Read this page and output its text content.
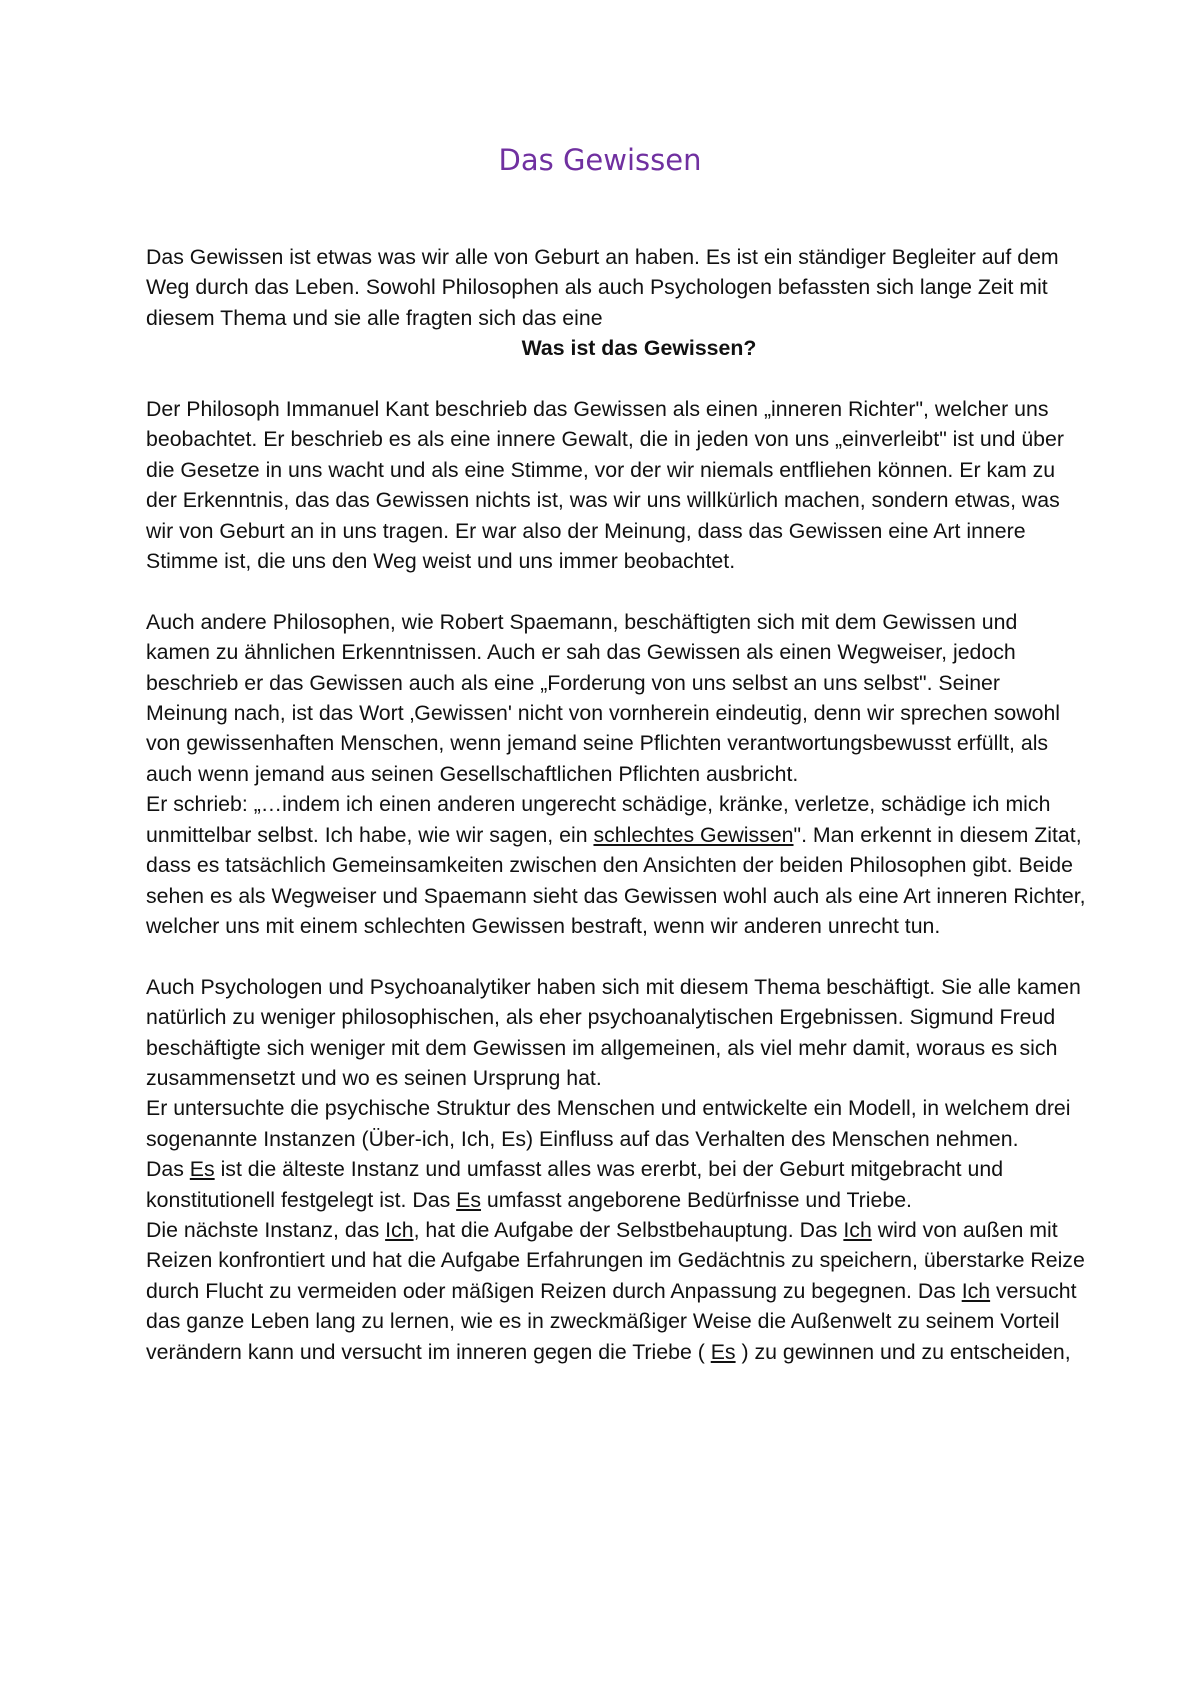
Das Gewissen

Das Gewissen ist etwas was wir alle von Geburt an haben. Es ist ein ständiger Begleiter auf dem Weg durch das Leben. Sowohl Philosophen als auch Psychologen befassten sich lange Zeit mit diesem Thema und sie alle fragten sich das eine

Was ist das Gewissen?

Der Philosoph Immanuel Kant beschrieb das Gewissen als einen „inneren Richter", welcher uns beobachtet. Er beschrieb es als eine innere Gewalt, die in jeden von uns „einverleibt" ist und über die Gesetze in uns wacht und als eine Stimme, vor der wir niemals entfliehen können. Er kam zu der Erkenntnis, das das Gewissen nichts ist, was wir uns willkürlich machen, sondern etwas, was wir von Geburt an in uns tragen. Er war also der Meinung, dass das Gewissen eine Art innere Stimme ist, die uns den Weg weist und uns immer beobachtet.

Auch andere Philosophen, wie Robert Spaemann, beschäftigten sich mit dem Gewissen und kamen zu ähnlichen Erkenntnissen. Auch er sah das Gewissen als einen Wegweiser, jedoch beschrieb er das Gewissen auch als eine „Forderung von uns selbst an uns selbst". Seiner Meinung nach, ist das Wort ‚Gewissen' nicht von vornherein eindeutig, denn wir sprechen sowohl von gewissenhaften Menschen, wenn jemand seine Pflichten verantwortungsbewusst erfüllt, als auch wenn jemand aus seinen Gesellschaftlichen Pflichten ausbricht.

Er schrieb: „…indem ich einen anderen ungerecht schädige, kränke, verletze, schädige ich mich unmittelbar selbst. Ich habe, wie wir sagen, ein schlechtes Gewissen". Man erkennt in diesem Zitat, dass es tatsächlich Gemeinsamkeiten zwischen den Ansichten der beiden Philosophen gibt. Beide sehen es als Wegweiser und Spaemann sieht das Gewissen wohl auch als eine Art inneren Richter, welcher uns mit einem schlechten Gewissen bestraft, wenn wir anderen unrecht tun.

Auch Psychologen und Psychoanalytiker haben sich mit diesem Thema beschäftigt. Sie alle kamen natürlich zu weniger philosophischen, als eher psychoanalytischen Ergebnissen. Sigmund Freud beschäftigte sich weniger mit dem Gewissen im allgemeinen, als viel mehr damit, woraus es sich zusammensetzt und wo es seinen Ursprung hat.

Er untersuchte die psychische Struktur des Menschen und entwickelte ein Modell, in welchem drei sogenannte Instanzen (Über-ich, Ich, Es) Einfluss auf das Verhalten des Menschen nehmen.

Das Es ist die älteste Instanz und umfasst alles was ererbt, bei der Geburt mitgebracht und konstitutionell festgelegt ist. Das Es umfasst angeborene Bedürfnisse und Triebe.

Die nächste Instanz, das Ich, hat die Aufgabe der Selbstbehauptung. Das Ich wird von außen mit Reizen konfrontiert und hat die Aufgabe Erfahrungen im Gedächtnis zu speichern, überstarke Reize durch Flucht zu vermeiden oder mäßigen Reizen durch Anpassung zu begegnen. Das Ich versucht das ganze Leben lang zu lernen, wie es in zweckmäßiger Weise die Außenwelt zu seinem Vorteil verändern kann und versucht im inneren gegen die Triebe ( Es ) zu gewinnen und zu entscheiden,
